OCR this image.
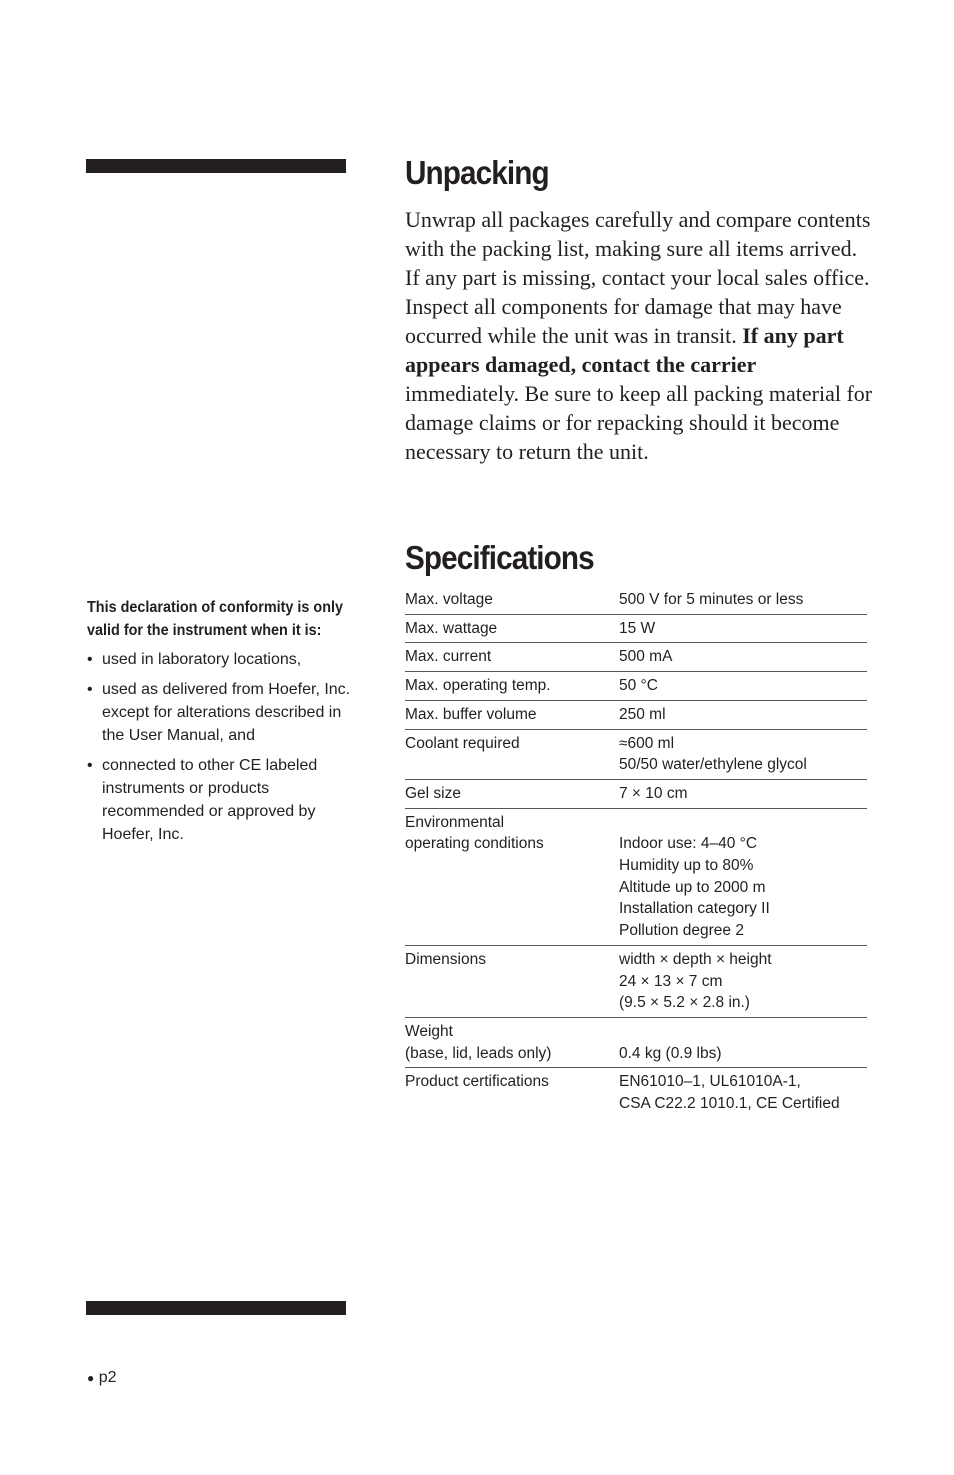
Unpacking

Unwrap all packages carefully and compare contents with the packing list, making sure all items arrived. If any part is missing, contact your local sales office. Inspect all components for damage that may have occurred while the unit was in transit. If any part appears damaged, contact the carrier immediately. Be sure to keep all packing material for damage claims or for repacking should it become necessary to return the unit.

Specifications

This declaration of conformity is only valid for the instrument when it is:

• used in laboratory locations,
• used as delivered from Hoefer, Inc. except for alterations described in the User Manual, and
• connected to other CE labeled instruments or products recommended or approved by Hoefer, Inc.
Max. voltage	500 V for 5 minutes or less

Max. wattage	15 W

Max. current	500 mA

Max. operating temp.	50 °C

Max. buffer volume	250 ml

Coolant required	≈600 ml
50/50 water/ethylene glycol

Gel size	7 × 10 cm

Environmental
operating conditions	Indoor use: 4–40 °C
Humidity up to 80%
Altitude up to 2000 m
Installation category II
Pollution degree 2

Dimensions	width × depth × height
24 × 13 × 7 cm
(9.5 × 5.2 × 2.8 in.)

Weight
(base, lid, leads only)	0.4 kg (0.9 lbs)

Product certifications	EN61010–1, UL61010A-1,
CSA C22.2 1010.1, CE Certified
● p2
